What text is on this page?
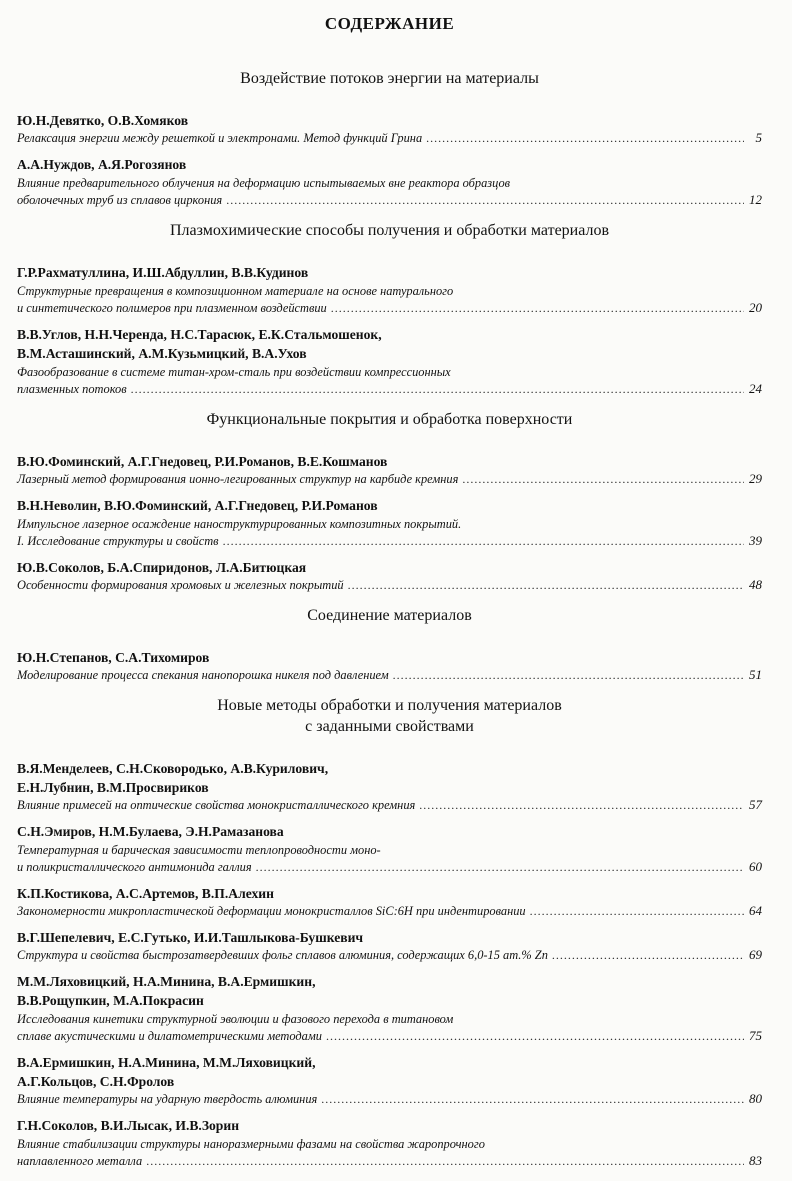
СОДЕРЖАНИЕ
Воздействие потоков энергии на материалы
Ю.Н.Девятко, О.В.Хомяков
Релаксация энергии между решеткой и электронами. Метод функций Грина .....	5
А.А.Нуждов, А.Я.Рогозянов
Влияние предварительного облучения на деформацию испытываемых вне реактора образцов
оболочечных труб из сплавов циркония .....	12
Плазмохимические способы получения и обработки материалов
Г.Р.Рахматуллина, И.Ш.Абдуллин, В.В.Кудинов
Структурные превращения в композиционном материале на основе натурального
и синтетического полимеров при плазменном воздействии .....	20
В.В.Углов, Н.Н.Черенда, Н.С.Тарасюк, Е.К.Стальмошенок,
В.М.Асташинский, А.М.Кузьмицкий, В.А.Ухов
Фазообразование в системе титан-хром-сталь при воздействии компрессионных
плазменных потоков .....	24
Функциональные покрытия и обработка поверхности
В.Ю.Фоминский, А.Г.Гнедовец, Р.И.Романов, В.Е.Кошманов
Лазерный метод формирования ионно-легированных структур на карбиде кремния .....	29
В.Н.Неволин, В.Ю.Фоминский, А.Г.Гнедовец, Р.И.Романов
Импульсное лазерное осаждение наноструктурированных композитных покрытий.
I. Исследование структуры и свойств .....	39
Ю.В.Соколов, Б.А.Спиридонов, Л.А.Битюцкая
Особенности формирования хромовых и железных покрытий .....	48
Соединение материалов
Ю.Н.Степанов, С.А.Тихомиров
Моделирование процесса спекания нанопорошка никеля под давлением .....	51
Новые методы обработки и получения материалов
с заданными свойствами
В.Я.Менделеев, С.Н.Сковородько, А.В.Курилович,
Е.Н.Лубнин, В.М.Просвириков
Влияние примесей на оптические свойства монокристаллического кремния .....	57
С.Н.Эмиров, Н.М.Булаева, Э.Н.Рамазанова
Температурная и барическая зависимости теплопроводности моно-
и поликристаллического антимонида галлия .....	60
К.П.Костикова, А.С.Артемов, В.П.Алехин
Закономерности микропластической деформации монокристаллов SiC:6H при индентировании .....	64
В.Г.Шепелевич, Е.С.Гутько, И.И.Ташлыкова-Бушкевич
Структура и свойства быстрозатвердевших фольг сплавов алюминия, содержащих 6,0-15 ат.% Zn .....	69
М.М.Ляховицкий, Н.А.Минина, В.А.Ермишкин,
В.В.Рощупкин, М.А.Покрасин
Исследования кинетики структурной эволюции и фазового перехода в титановом
сплаве акустическими и дилатометрическими методами .....	75
В.А.Ермишкин, Н.А.Минина, М.М.Ляховицкий,
А.Г.Кольцов, С.Н.Фролов
Влияние температуры на ударную твердость алюминия .....	80
Г.Н.Соколов, В.И.Лысак, И.В.Зорин
Влияние стабилизации структуры наноразмерными фазами на свойства жаропрочного
наплавленного металла .....	83
